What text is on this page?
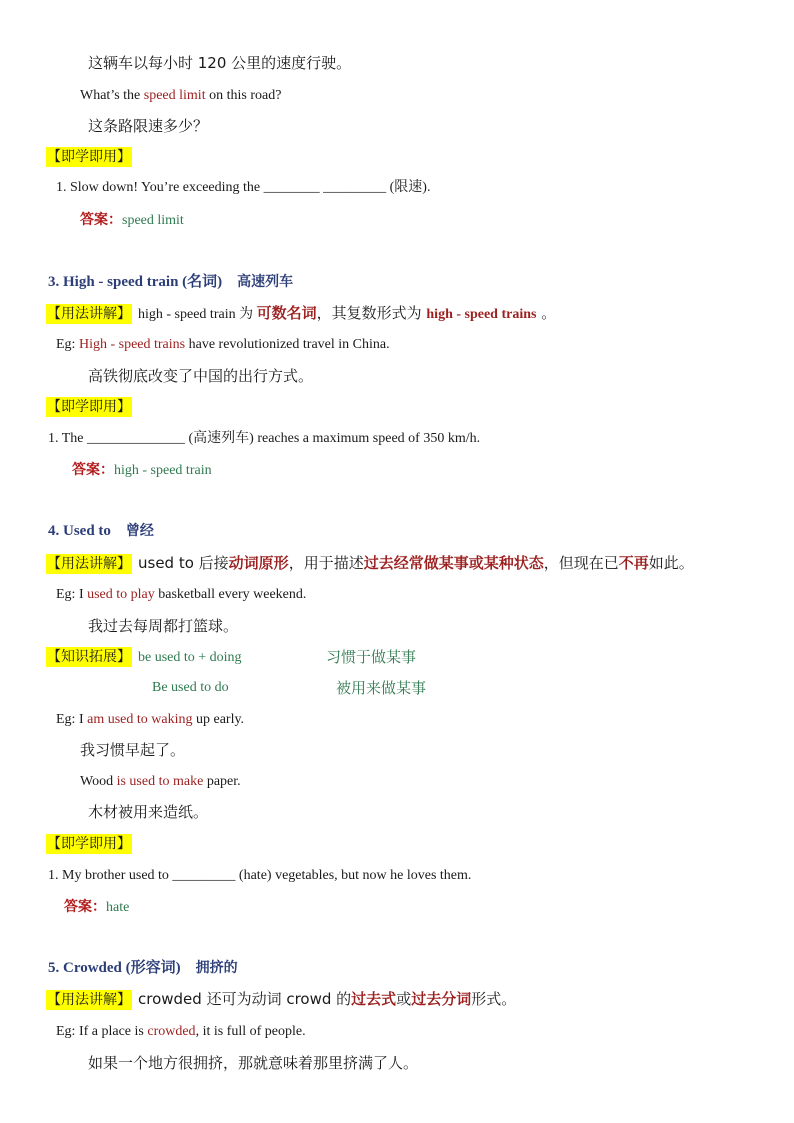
这辆车以每小时 120 公里的速度行驶。
What’s the speed limit on this road?
这条路限速多少？
【即学即用】
1. Slow down! You’re exceeding the ________ _________ (限速).
答案：speed limit
3. High - speed train (名词) 高速列车
【用法讲解】 high - speed train 为 可数名词，其复数形式为 high - speed trains 。
Eg: High - speed trains have revolutionized travel in China.
高铁彻底改变了中国的出行方式。
【即学即用】
1. The ______________ (高速列车) reaches a maximum speed of 350 km/h.
答案：high - speed train
4. Used to 曾经
【用法讲解】 used to 后接动词原形，用于描述过去经常做某事或某种状态，但现在已不再如此。
Eg: I used to play basketball every weekend.
我过去每周都打篮球。
【知识拓展】 be used to + doing	习惯于做某事
Be used to do	被用来做某事
Eg: I am used to waking up early.
我习惯早起了。
Wood is used to make paper.
木材被用来造纸。
【即学即用】
1. My brother used to _________ (hate) vegetables, but now he loves them.
答案：hate
5. Crowded (形容词) 拥挤的
【用法讲解】 crowded 还可为动词 crowd 的过去式或过去分词形式。
Eg: If a place is crowded, it is full of people.
如果一个地方很拥挤，那就意味着那里挤满了人。
